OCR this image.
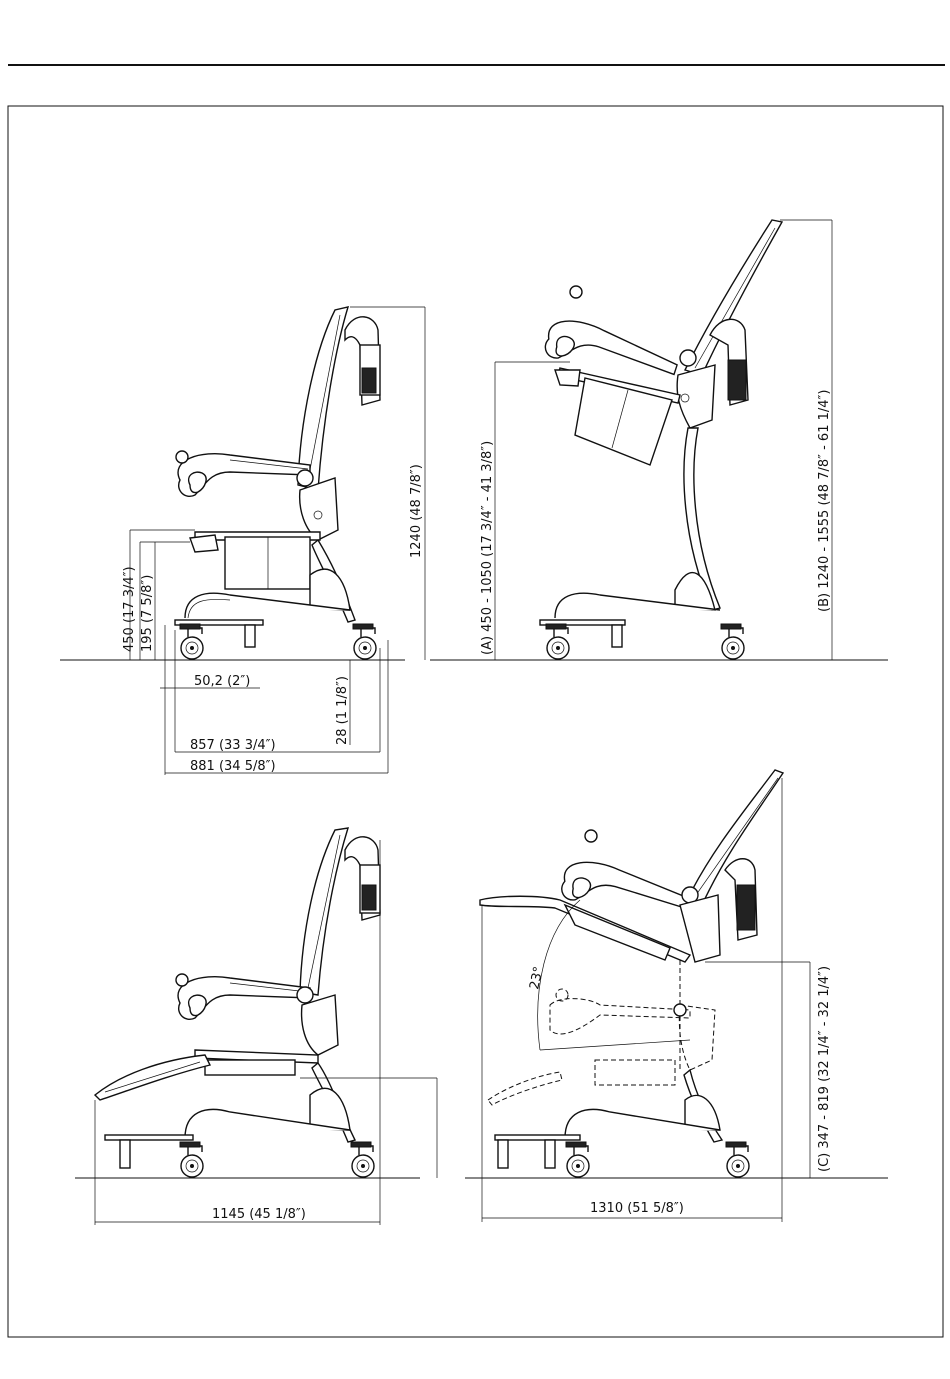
450 (17 3/4″) 195 (7 5/8″)
50,2 (2″)	28 (1 1/8″)
857 (33 3/4″)
881 (34 5/8″)
1240 (48 7/8″)	(A) 450 - 1050 (17 3/4″ - 41 3/8″)	(B) 1240 - 1555 (48 7/8″ - 61 1/4″)
1145 (45 1/8″)
23°
1310 (51 5/8″)
(C) 347 - 819 (32 1/4″ - 32 1/4″)
